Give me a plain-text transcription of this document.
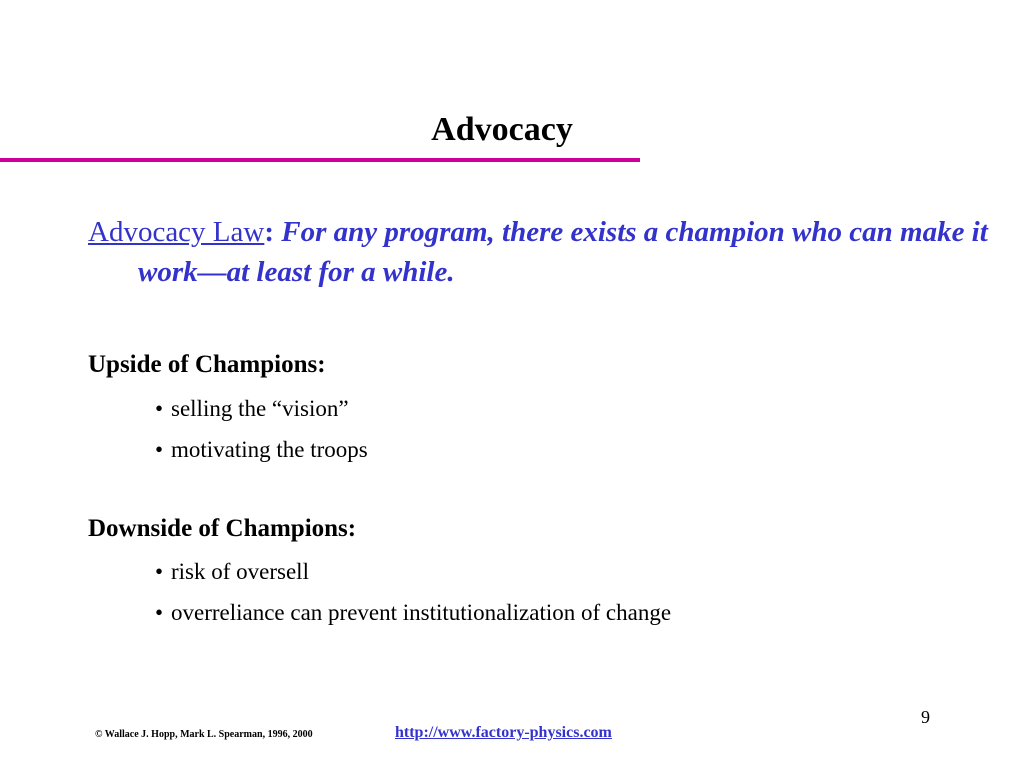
Advocacy
Advocacy Law: For any program, there exists a champion who can make it work—at least for a while.
Upside of Champions:
• selling the “vision”
• motivating the troops
Downside of Champions:
• risk of oversell
• overreliance can prevent institutionalization of change
9
© Wallace J. Hopp, Mark L. Spearman, 1996, 2000	http://www.factory-physics.com
